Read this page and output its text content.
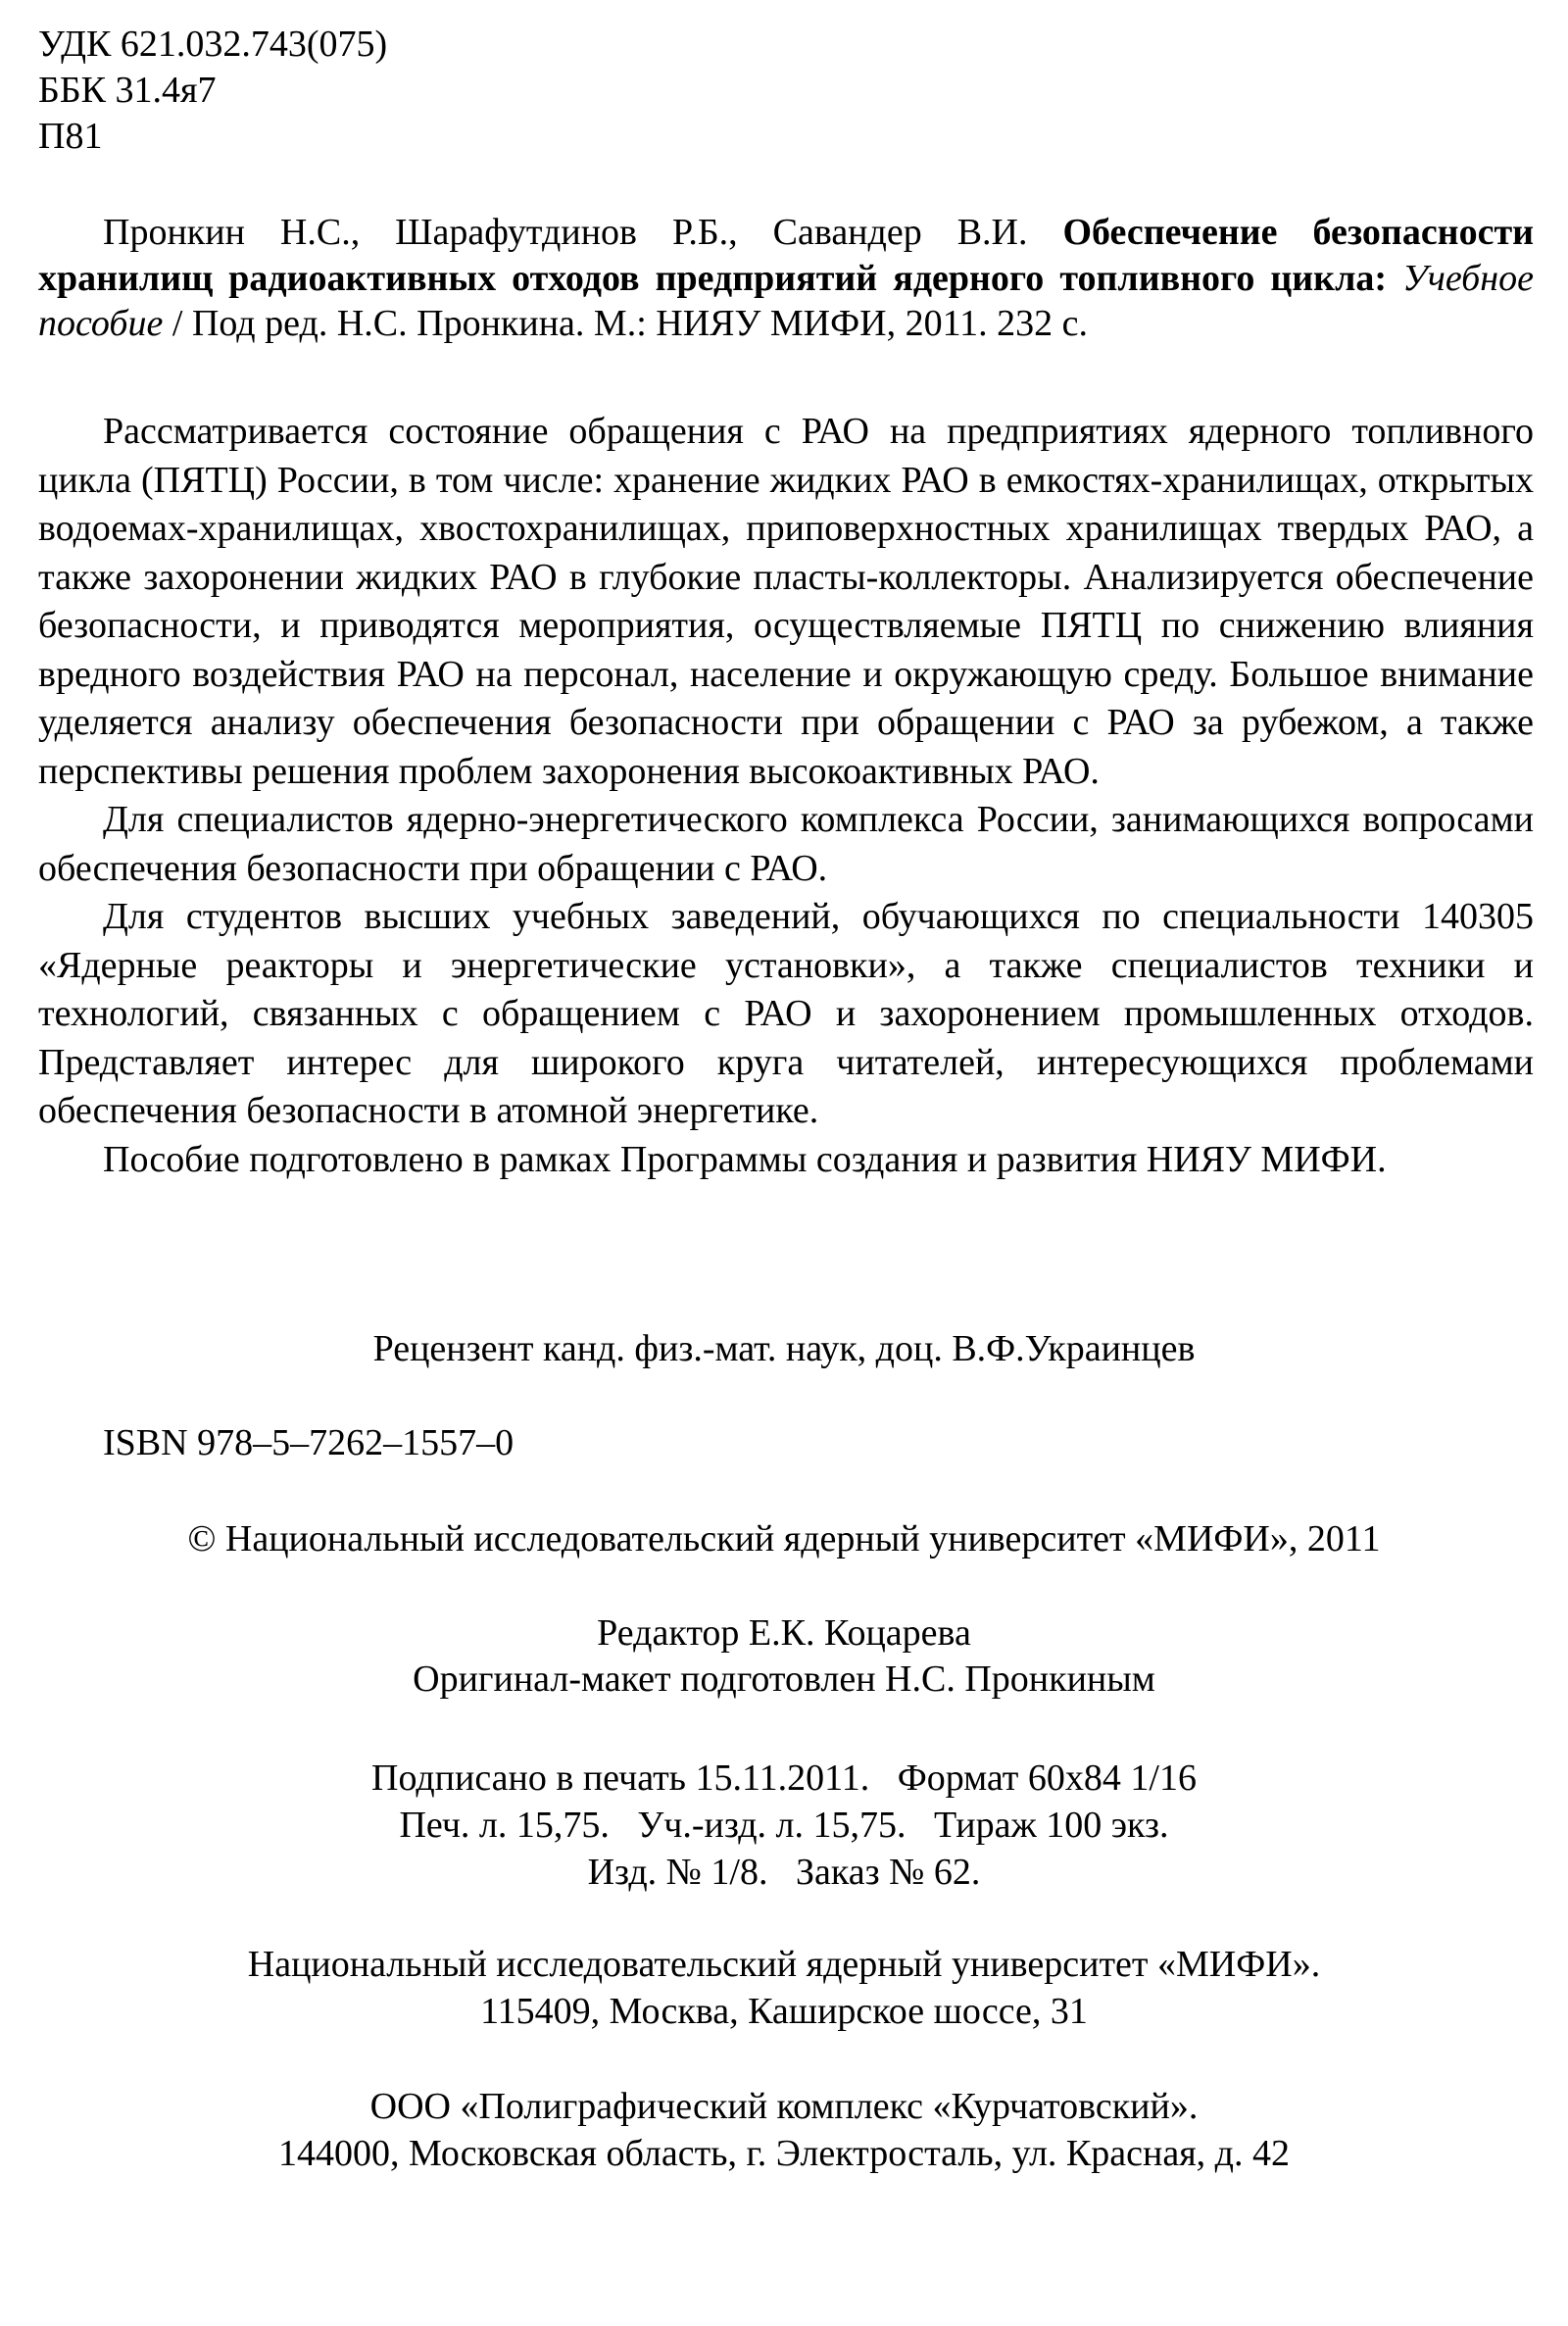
УДК 621.032.743(075)
ББК 31.4я7
П81
Пронкин Н.С., Шарафутдинов Р.Б., Савандер В.И. Обеспечение безопасности хранилищ радиоактивных отходов предприятий ядерного топливного цикла: Учебное пособие / Под ред. Н.С. Пронкина. М.: НИЯУ МИФИ, 2011. 232 с.

Рассматривается состояние обращения с РАО на предприятиях ядерного топливного цикла (ПЯТЦ) России, в том числе: хранение жидких РАО в емкостях-хранилищах, открытых водоемах-хранилищах, хвостохранилищах, приповерхностных хранилищах твердых РАО, а также захоронении жидких РАО в глубокие пласты-коллекторы. Анализируется обеспечение безопасности, и приводятся мероприятия, осуществляемые ПЯТЦ по снижению влияния вредного воздействия РАО на персонал, население и окружающую среду. Большое внимание уделяется анализу обеспечения безопасности при обращении с РАО за рубежом, а также перспективы решения проблем захоронения высокоактивных РАО.

Для специалистов ядерно-энергетического комплекса России, занимающихся вопросами обеспечения безопасности при обращении с РАО.

Для студентов высших учебных заведений, обучающихся по специальности 140305 «Ядерные реакторы и энергетические установки», а также специалистов техники и технологий, связанных с обращением с РАО и захоронением промышленных отходов. Представляет интерес для широкого круга читателей, интересующихся проблемами обеспечения безопасности в атомной энергетике.

Пособие подготовлено в рамках Программы создания и развития НИЯУ МИФИ.

Рецензент канд. физ.-мат. наук, доц. В.Ф.Украинцев
ISBN 978–5–7262–1557–0
© Национальный исследовательский ядерный университет «МИФИ», 2011
Редактор Е.К. Коцарева
Оригинал-макет подготовлен Н.С. Пронкиным
Подписано в печать 15.11.2011.   Формат 60х84 1/16
Печ. л. 15,75.   Уч.-изд. л. 15,75.   Тираж 100 экз.
Изд. № 1/8.   Заказ № 62.
Национальный исследовательский ядерный университет «МИФИ».
115409, Москва, Каширское шоссе, 31
ООО «Полиграфический комплекс «Курчатовский».
144000, Московская область, г. Электросталь, ул. Красная, д. 42
